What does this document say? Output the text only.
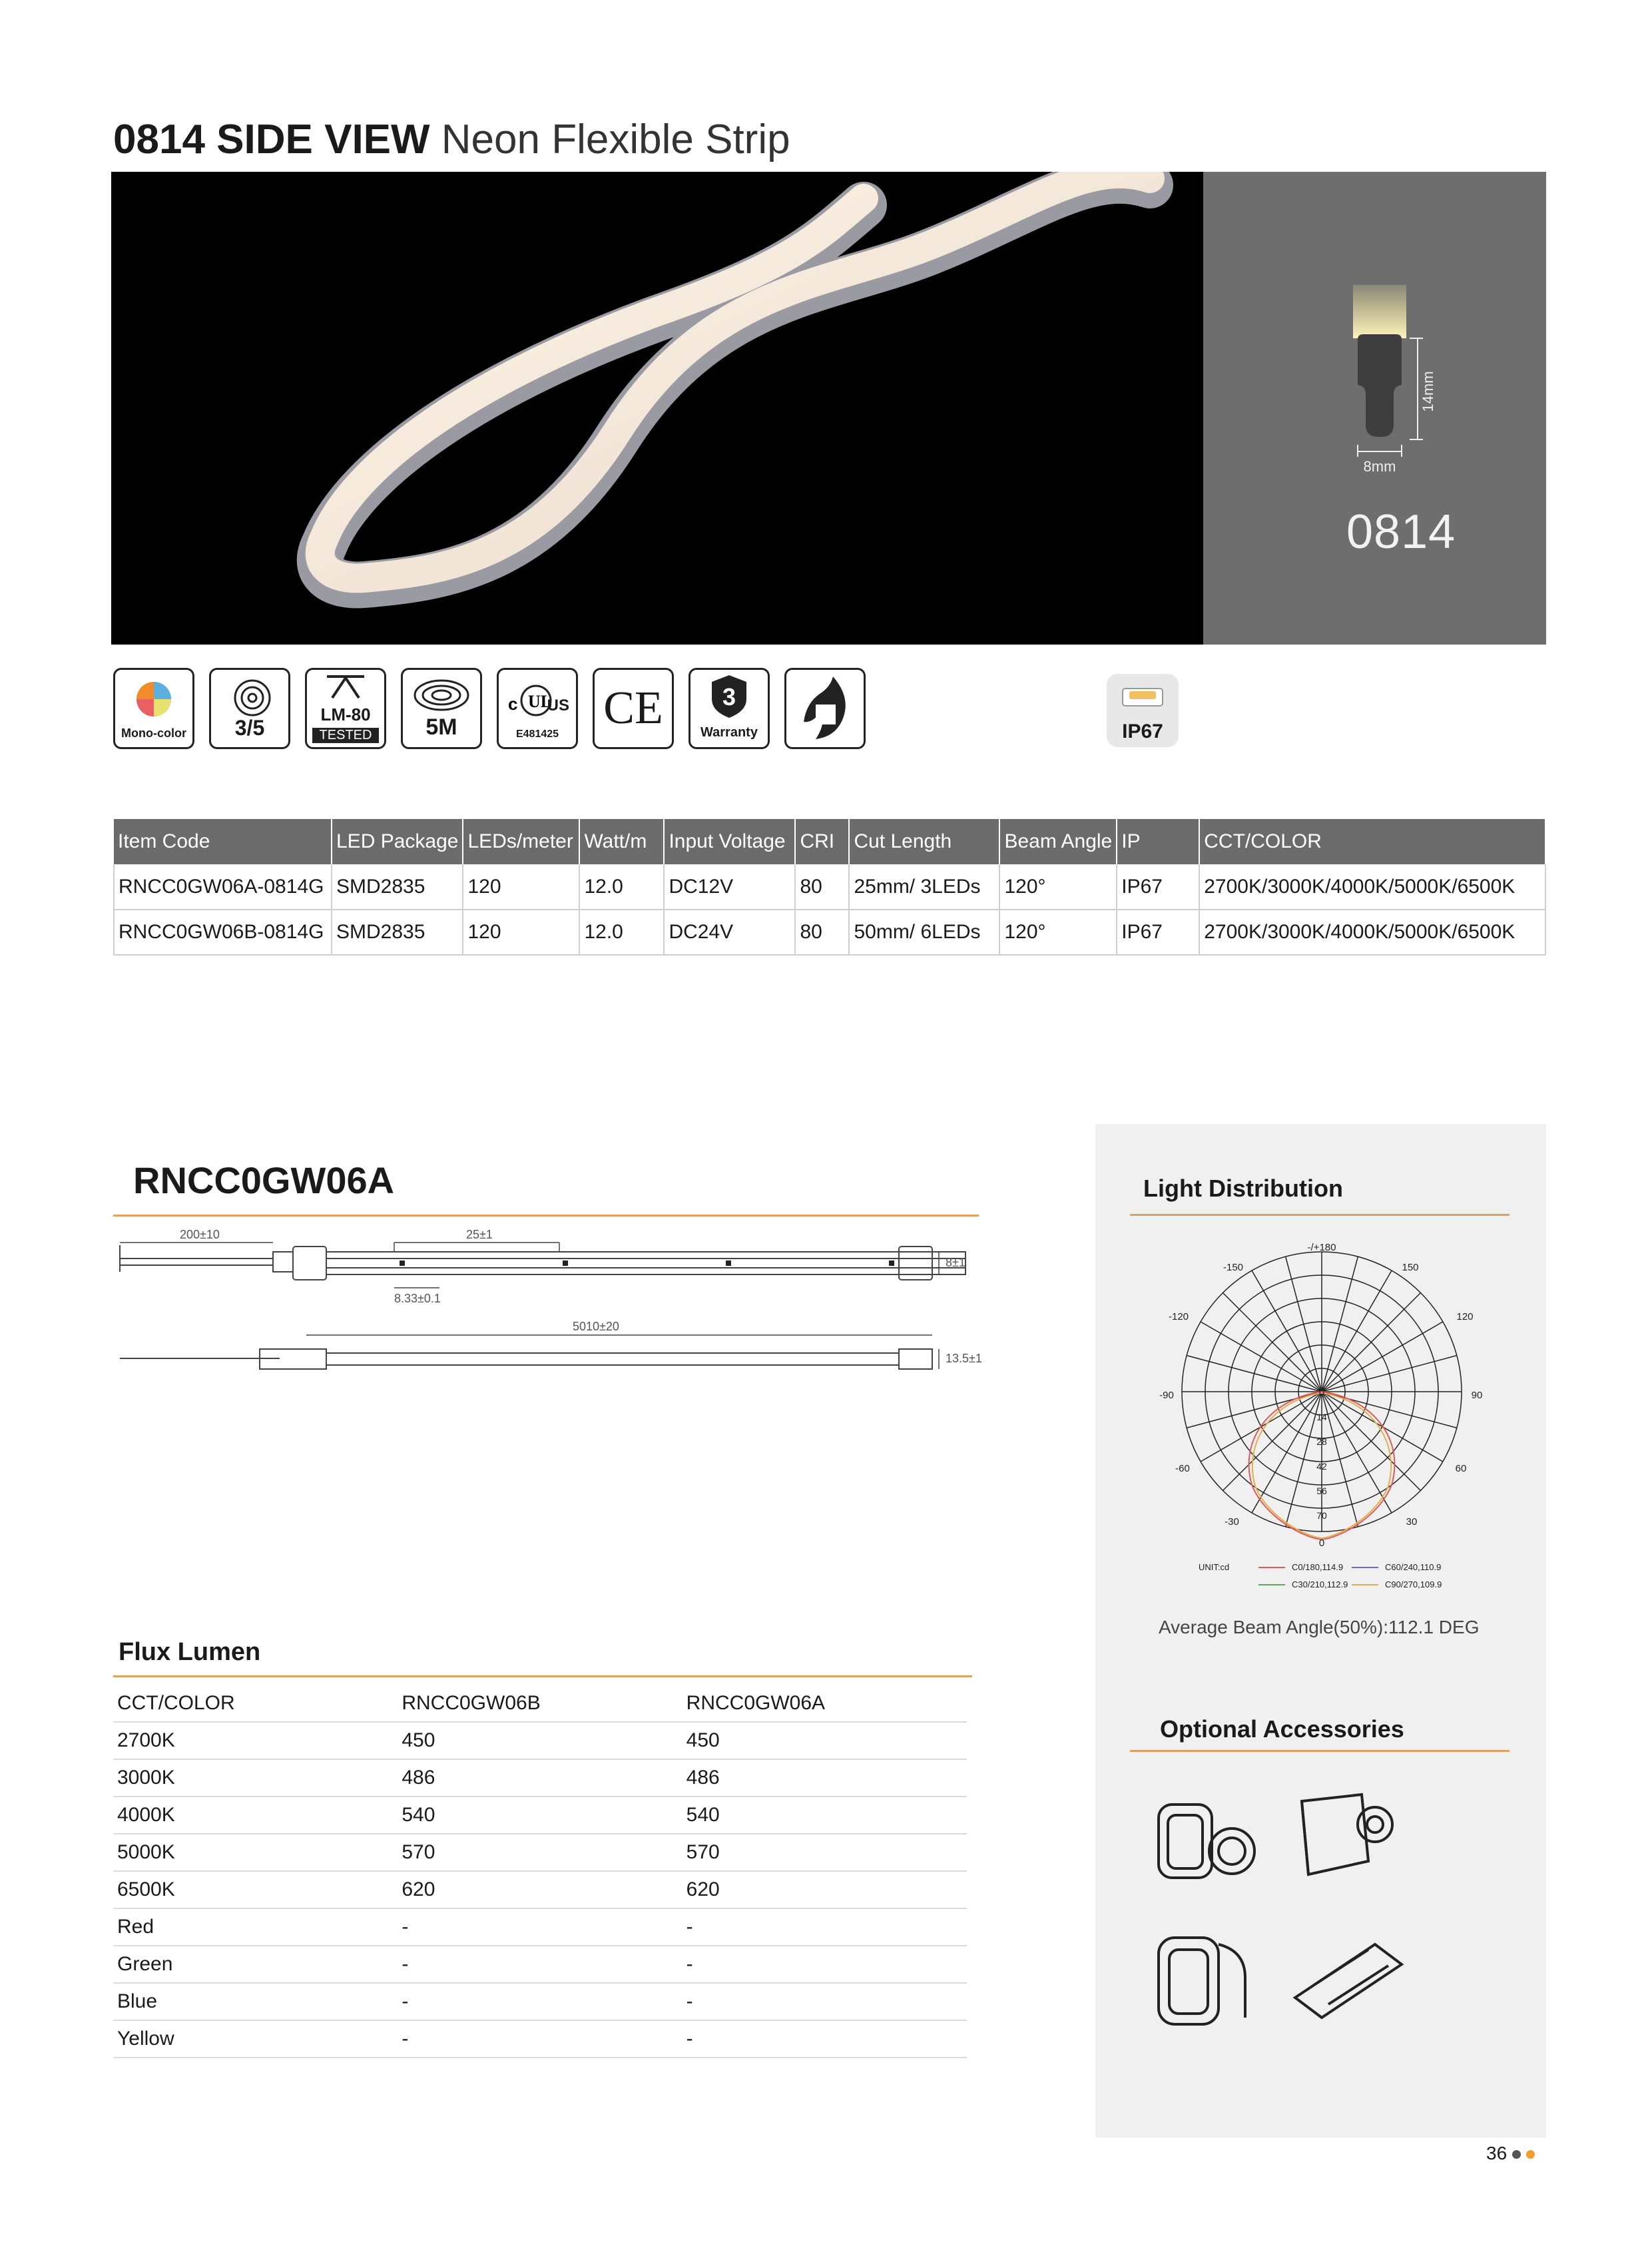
0814 SIDE VIEW Neon Flexible Strip
14mm
8mm
0814
Mono-color	3/5
LM-80
TESTED	5M
c UL
US
E481425
CE	3
Warranty	IP67
Item Code	LED Package	LEDs/meter	Watt/m	Input Voltage	CRI	Cut Length	Beam Angle	IP	CCT/COLOR
RNCC0GW06A-0814G	SMD2835	120	12.0	DC12V	80	25mm/ 3LEDs	120°	IP67	2700K/3000K/4000K/5000K/6500K
RNCC0GW06B-0814G	SMD2835	120	12.0	DC24V	80	50mm/ 6LEDs	120°	IP67	2700K/3000K/4000K/5000K/6500K
RNCC0GW06A
200±10	25±1
8.33±0.1
5010±20
8±1
13.5±1
Flux Lumen
CCT/COLOR	RNCC0GW06B	RNCC0GW06A
2700K	450	450
3000K	486	486
4000K	540	540
5000K	570	570
6500K	620	620
Red	-	-
Green	-	-
Blue	-	-
Yellow	-	-
Light Distribution
-/+180
-150	150
-120	120
-90	90
-60	60
-30	30
0
0
14
28
42
56
70
UNIT:cd	C0/180,114.9	C60/240,110.9
C30/210,112.9	C90/270,109.9
Average Beam Angle(50%):112.1 DEG
Optional Accessories
36
